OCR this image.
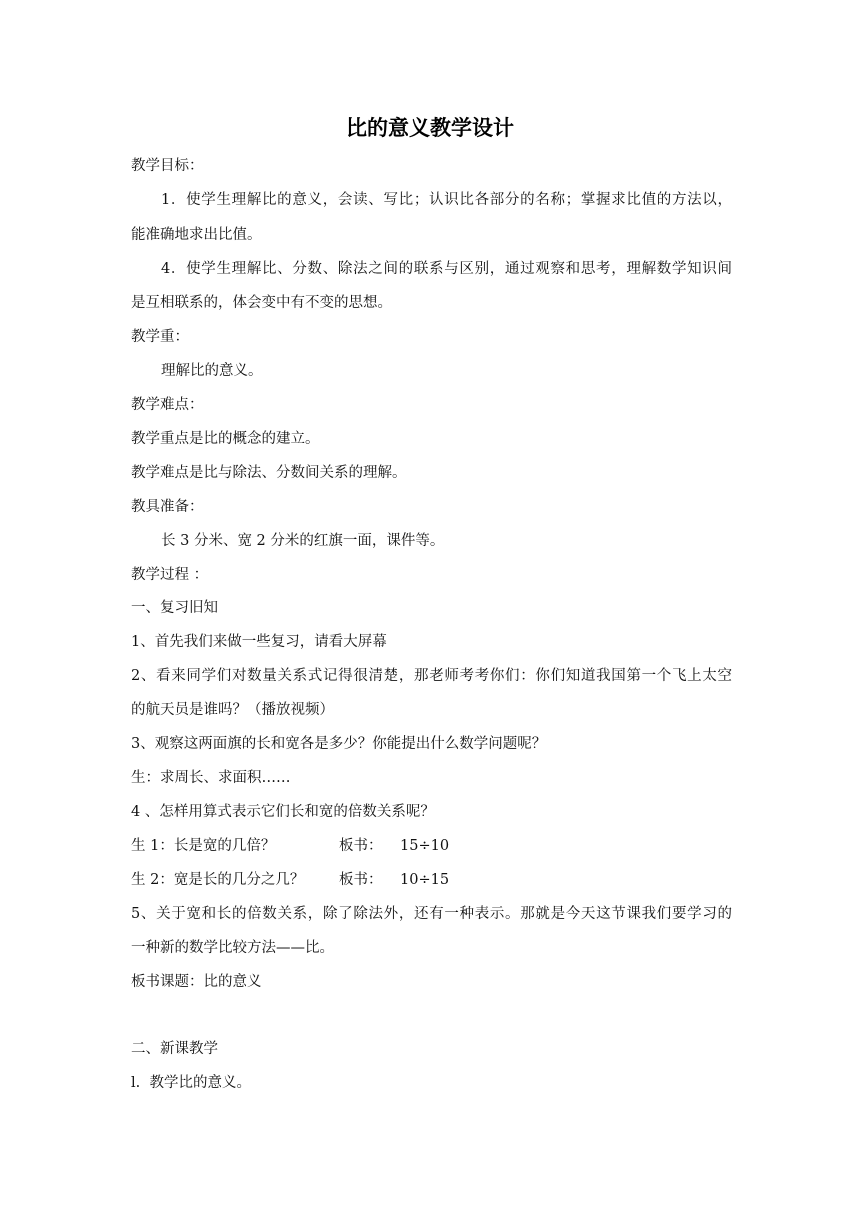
比的意义教学设计
教学目标：
1．使学生理解比的意义，会读、写比；认识比各部分的名称；掌握求比值的方法以，
能准确地求出比值。
4．使学生理解比、分数、除法之间的联系与区别，通过观察和思考，理解数学知识间
是互相联系的，体会变中有不变的思想。
教学重：
理解比的意义。
教学难点：
教学重点是比的概念的建立。
教学难点是比与除法、分数间关系的理解。
教具准备：
长 3 分米、宽 2 分米的红旗一面，课件等。
教学过程 ：
一、复习旧知
1、首先我们来做一些复习，请看大屏幕
2、看来同学们对数量关系式记得很清楚，那老师考考你们：你们知道我国第一个飞上太空
的航天员是谁吗？（播放视频）
3、观察这两面旗的长和宽各是多少？你能提出什么数学问题呢？
生：求周长、求面积……
4 、怎样用算式表示它们长和宽的倍数关系呢？
生 1：长是宽的几倍？	板书： 15÷10
生 2：宽是长的几分之几？ 板书： 10÷15
5、关于宽和长的倍数关系，除了除法外，还有一种表示。那就是今天这节课我们要学习的
一种新的数学比较方法——比。
板书课题：比的意义
二、新课教学
l.  教学比的意义。
